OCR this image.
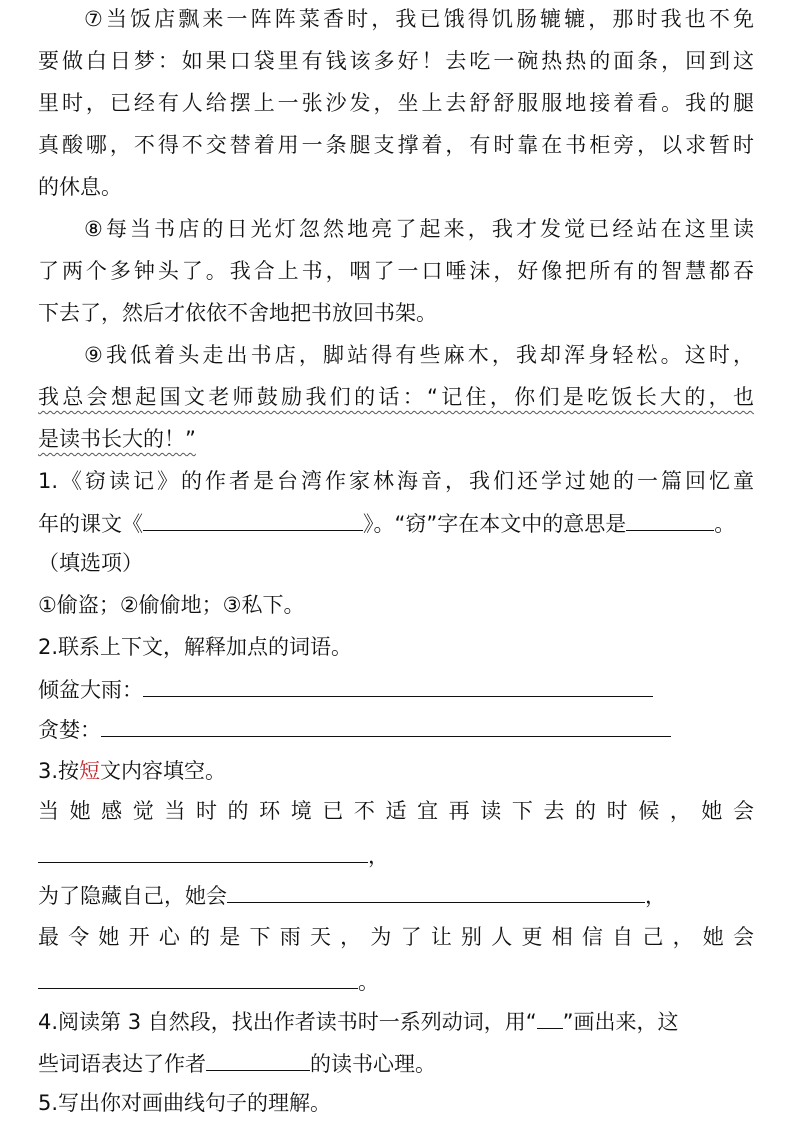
⑦当饭店飘来一阵阵菜香时，我已饿得饥肠辘辘，那时我也不免
要做白日梦：如果口袋里有钱该多好！去吃一碗热热的面条，回到这
里时，已经有人给摆上一张沙发，坐上去舒舒服服地接着看。我的腿
真酸哪，不得不交替着用一条腿支撑着，有时靠在书柜旁，以求暂时
的休息。
⑧每当书店的日光灯忽然地亮了起来，我才发觉已经站在这里读
了两个多钟头了。我合上书，咽了一口唾沫，好像把所有的智慧都吞
下去了，然后才依依不舍地把书放回书架。
⑨我低着头走出书店，脚站得有些麻木，我却浑身轻松。这时，
我总会想起国文老师鼓励我们的话：“记住，你们是吃饭长大的，也
是读书长大的！”
1.《窃读记》的作者是台湾作家林海音，我们还学过她的一篇回忆童
年的课文《	》。“窃”字在本文中的意思是	。
（填选项）
①偷盗；②偷偷地；③私下。
2.联系上下文，解释加点的词语。
倾盆大雨：
贪婪：
3.按短文内容填空。
当她感觉当时的环境已不适宜再读下去的时候，她会
，
为了隐藏自己，她会	，
最令她开心的是下雨天，为了让别人更相信自己，她会
。
4.阅读第 3 自然段，找出作者读书时一系列动词，用“ ”画出来，这
些词语表达了作者	的读书心理。
5.写出你对画曲线句子的理解。
